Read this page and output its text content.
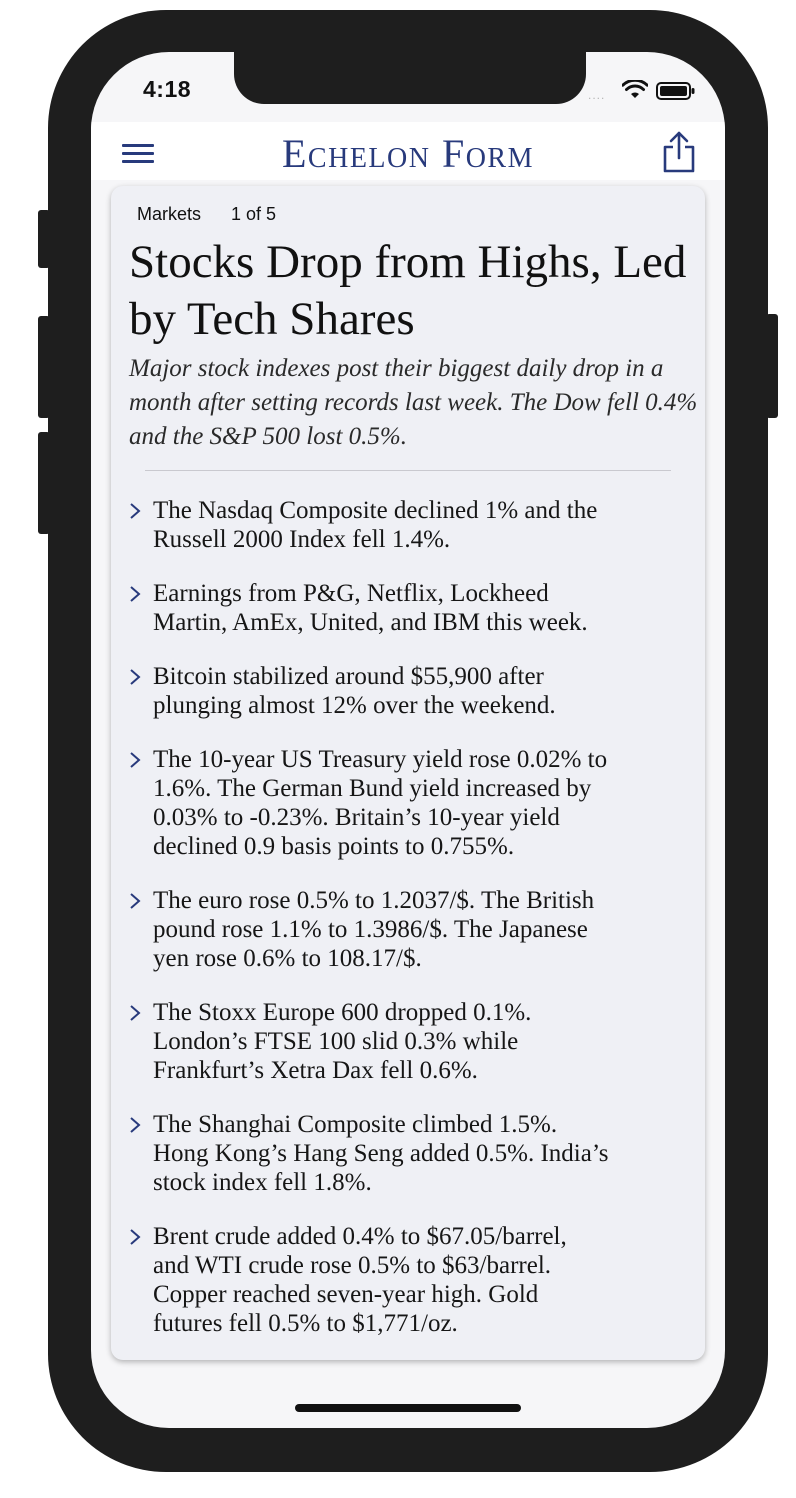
4:18	....
Echelon Form
Markets 1 of 5
Stocks Drop from Highs, Led by Tech Shares

Major stock indexes post their biggest daily drop in a month after setting records last week. The Dow fell 0.4% and the S&P 500 lost 0.5%.

The Nasdaq Composite declined 1% and the
Russell 2000 Index fell 1.4%.
Earnings from P&G, Netflix, Lockheed
Martin, AmEx, United, and IBM this week.
Bitcoin stabilized around $55,900 after
plunging almost 12% over the weekend.
The 10-year US Treasury yield rose 0.02% to
1.6%. The German Bund yield increased by
0.03% to -0.23%. Britain’s 10-year yield
declined 0.9 basis points to 0.755%.
The euro rose 0.5% to 1.2037/$. The British
pound rose 1.1% to 1.3986/$. The Japanese
yen rose 0.6% to 108.17/$.
The Stoxx Europe 600 dropped 0.1%.
London’s FTSE 100 slid 0.3% while
Frankfurt’s Xetra Dax fell 0.6%.
The Shanghai Composite climbed 1.5%.
Hong Kong’s Hang Seng added 0.5%. India’s
stock index fell 1.8%.
Brent crude added 0.4% to $67.05/barrel,
and WTI crude rose 0.5% to $63/barrel.
Copper reached seven-year high. Gold
futures fell 0.5% to $1,771/oz.
